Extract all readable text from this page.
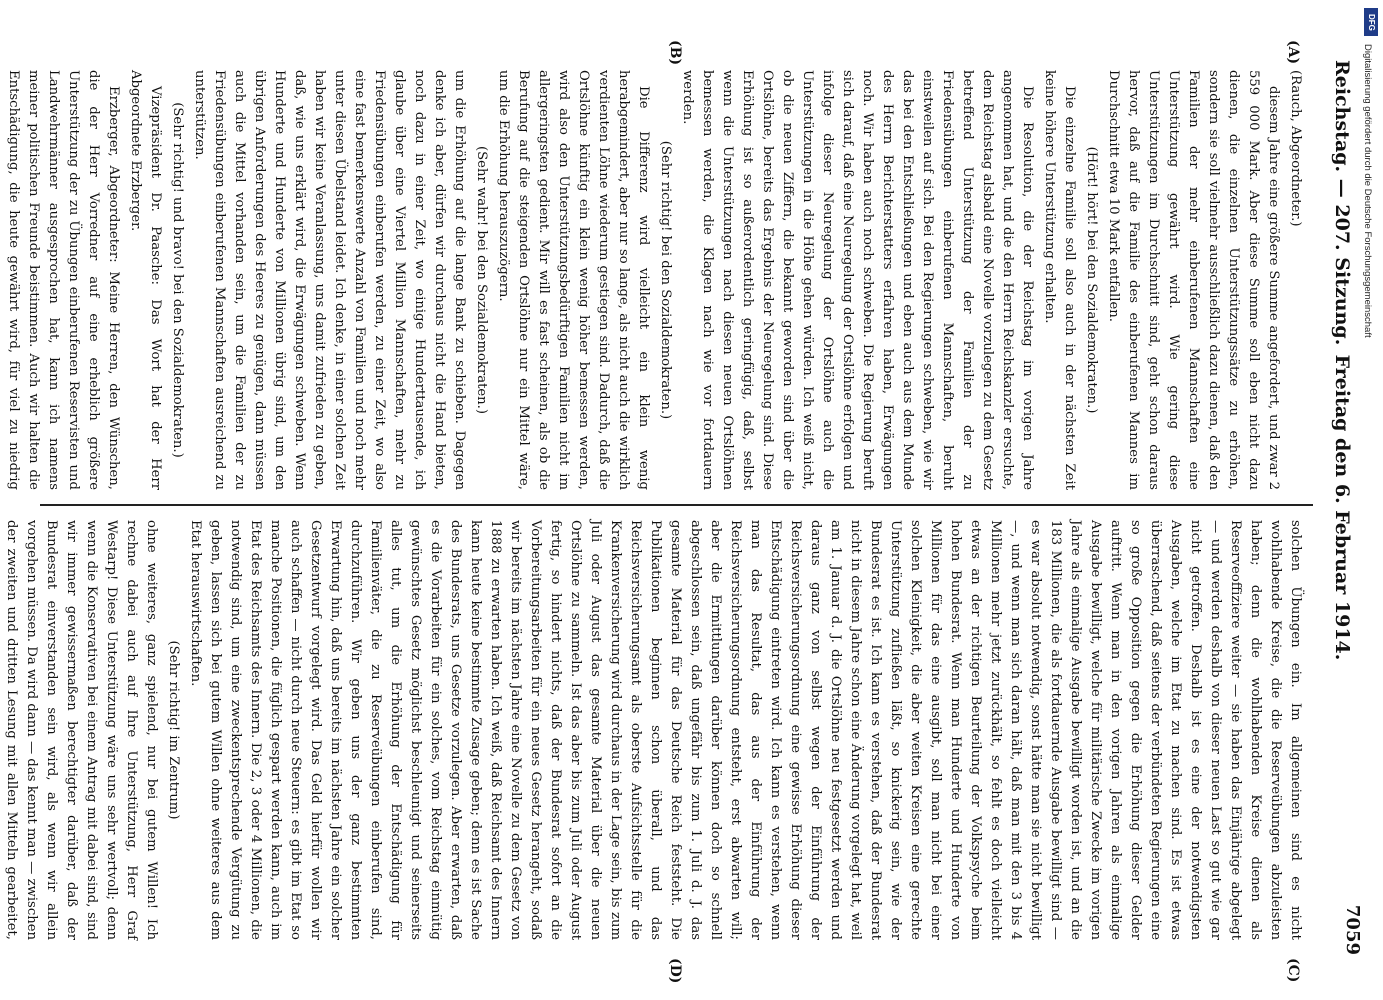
Reichstag. — 207. Sitzung.
Freitag den 6. Februar 1914.
7059
(A)
(B)
(C)
(D)

(Rauch, Abgeordneter.)

diesem Jahre eine größere Summe angefordert, und zwar 2 559 000 Mark. Aber diese Summe soll eben nicht dazu dienen, die einzelnen Unterstützungssätze zu erhöhen, sondern sie soll vielmehr ausschließlich dazu dienen, daß den Familien der mehr einberufenen Mannschaften eine Unterstützung gewährt wird. Wie gering diese Unterstützungen im Durchschnitt sind, geht schon daraus hervor, daß auf die Familie des einberufenen Mannes im Durchschnitt etwa 10 Mark entfallen.

(Hört! hört! bei den Sozialdemokraten.)

Die einzelne Familie soll also auch in der nächsten Zeit keine höhere Unterstützung erhalten.

Die Resolution, die der Reichstag im vorigen Jahre angenommen hat, und die den Herrn Reichskanzler ersuchte, dem Reichstag alsbald eine Novelle vorzulegen zu dem Gesetz betreffend Unterstützung der Familien der zu Friedensübungen einberufenen Mannschaften, beruht einstweilen auf sich. Bei den Regierungen schweben, wie wir das bei den Entschließungen und eben auch aus dem Munde des Herrn Berichterstatters erfahren haben, Erwägungen noch. Wir haben auch noch schweben. Die Regierung beruft sich darauf, daß eine Neuregelung der Ortslöhne erfolgen und infolge dieser Neuregelung der Ortslöhne auch die Unterstützungen in die Höhe gehen würden. Ich weiß nicht, ob die neuen Ziffern, die bekannt geworden sind über die Ortslöhne, bereits das Ergebnis der Neuregelung sind. Diese Erhöhung ist so außerordentlich geringfügig, daß, selbst wenn die Unterstützungen nach diesen neuen Ortslöhnen bemessen werden, die Klagen nach wie vor fortdauern werden.

(Sehr richtig! bei den Sozialdemokraten.)

Die Differenz wird vielleicht ein klein wenig herabgemindert, aber nur so lange, als nicht auch die wirklich verdienten Löhne wiederum gestiegen sind. Dadurch, daß die Ortslöhne künftig ein klein wenig höher bemessen werden, wird also den Unterstützungsbedürftigen Familien nicht im allergeringsten gedient. Mir will es fast scheinen, als ob die Berufung auf die steigenden Ortslöhne nur ein Mittel wäre, um die Erhöhung herauszuzögern.

(Sehr wahr! bei den Sozialdemokraten.)

um die Erhöhung auf die lange Bank zu schieben. Dagegen denke ich aber, dürfen wir durchaus nicht die Hand bieten, noch dazu in einer Zeit, wo einige Hunderttausende, ich glaube über eine Viertel Million Mannschaften, mehr zu Friedensübungen einberufen werden, zu einer Zeit, wo also eine fast bemerkenswerte Anzahl von Familien und noch mehr unter diesen Übelstand leidet. Ich denke, in einer solchen Zeit haben wir keine Veranlassung, uns damit zufrieden zu geben, daß, wie uns erklärt wird, die Erwägungen schweben. Wenn Hunderte und Hunderte von Millionen übrig sind, um den übrigen Anforderungen des Heeres zu genügen, dann müssen auch die Mittel vorhanden sein, um die Familien der zu Friedensübungen einberufenen Mannschaften ausreichend zu unterstützen.

(Sehr richtig! und bravo! bei den Sozialdemokraten.)

Vizepräsident Dr. Paasche: Das Wort hat der Herr Abgeordnete Erzberger.

Erzberger, Abgeordneter: Meine Herren, den Wünschen, die der Herr Vorredner auf eine erheblich größere Unterstützung der zu Übungen einberufenen Reservisten und Landwehrmänner ausgesprochen hat, kann ich namens meiner politischen Freunde beistimmen. Auch wir halten die Entschädigung, die heute gewährt wird, für viel zu niedrig

solchen Übungen ein. Im allgemeinen sind es nicht wohlhabende Kreise, die die Reserveübungen abzuleisten haben; denn die wohlhabenden Kreise dienen als Reserveoffiziere weiter — sie haben das Einjährige abgelegt — und werden deshalb von dieser neuen Last so gut wie gar nicht getroffen. Deshalb ist es eine der notwendigsten Ausgaben, welche im Etat zu machen sind. Es ist etwas überraschend, daß seitens der verbündeten Regierungen eine so große Opposition gegen die Erhöhung dieser Gelder auftritt. Wenn man in den vorigen Jahren als einmalige Ausgabe bewilligt, welche für militärische Zwecke im vorigen Jahre als einmalige Ausgabe bewilligt worden ist, und an die 183 Millionen, die als fortdauernde Ausgabe bewilligt sind — es war absolut notwendig, sonst hätte man sie nicht bewilligt —, und wenn man sich daran hält, daß man mit den 3 bis 4 Millionen mehr jetzt zurückhält, so fehlt es doch vielleicht etwas an der richtigen Beurteilung der Volkspsyche beim hohen Bundesrat. Wenn man Hunderte und Hunderte von Millionen für das eine ausgibt, soll man nicht bei einer solchen Kleinigkeit, die aber weiten Kreisen eine gerechte Unterstützung zufließen läßt, so knickerig sein, wie der Bundesrat es ist. Ich kann es verstehen, daß der Bundesrat nicht in diesem Jahre schon eine Änderung vorgelegt hat, weil am 1. Januar d. J. die Ortslöhne neu festgesetzt werden und daraus ganz von selbst wegen der Einführung der Reichsversicherungsordnung eine gewisse Erhöhung dieser Entschädigung eintreten wird. Ich kann es verstehen, wenn man das Resultat, das aus der Einführung der Reichsversicherungsordnung entsteht, erst abwarten will; aber die Ermittlungen darüber können doch so schnell abgeschlossen sein, daß ungefähr bis zum 1. Juli d. J. das gesamte Material für das Deutsche Reich feststeht. Die Publikationen beginnen schon überall, und das Reichsversicherungsamt als oberste Aufsichtsstelle für die Krankenversicherung wird durchaus in der Lage sein, bis zum Juli oder August das gesamte Material über die neuen Ortslöhne zu sammeln. Ist das aber bis zum Juli oder August fertig, so hindert nichts, daß der Bundesrat sofort an die Vorbereitungsarbeiten für ein neues Gesetz herangeht, sodaß wir bereits im nächsten Jahre eine Novelle zu dem Gesetz von 1888 zu erwarten haben. Ich weiß, daß Reichsamt des Innern kann heute keine bestimmte Zusage geben; denn es ist Sache des Bundesrats, uns Gesetze vorzulegen. Aber erwarten, daß es die Vorarbeiten für ein solches, vom Reichstag einmütig gewünschtes Gesetz möglichst beschleunigt und seinerseits alles tut, um die Erhöhung der Entschädigung für Familienväter, die zu Reserveübungen einberufen sind, durchzuführen. Wir geben uns der ganz bestimmten Erwartung hin, daß uns bereits im nächsten Jahre ein solcher Gesetzentwurf vorgelegt wird. Das Geld hierfür wollen wir auch schaffen — nicht durch neue Steuern: es gibt im Etat so manche Positionen, die füglich gespart werden kann, auch im Etat des Reichsamts des Innern. Die 2, 3 oder 4 Millionen, die notwendig sind, um eine zweckentsprechende Vergütung zu geben, lassen sich bei gutem Willen ohne weiteres aus dem Etat herauswirtschaften.

(Sehr richtig! im Zentrum)

ohne weiteres, ganz spielend, nur bei gutem Willen! Ich rechne dabei auch auf Ihre Unterstützung, Herr Graf Westarp! Diese Unterstützung wäre uns sehr wertvoll; denn wenn die Konservativen bei einem Antrag mit dabei sind, sind wir immer gewissermaßen berechtigter darüber, daß der Bundesrat einverstanden sein wird, als wenn wir allein vorgehen müssen. Da wird dann — das kennt man — zwischen der zweiten und dritten Lesung mit allen Mitteln gearbeitet,

DFG
Digitalisierung gefördert durch die Deutsche Forschungsgemeinschaft
